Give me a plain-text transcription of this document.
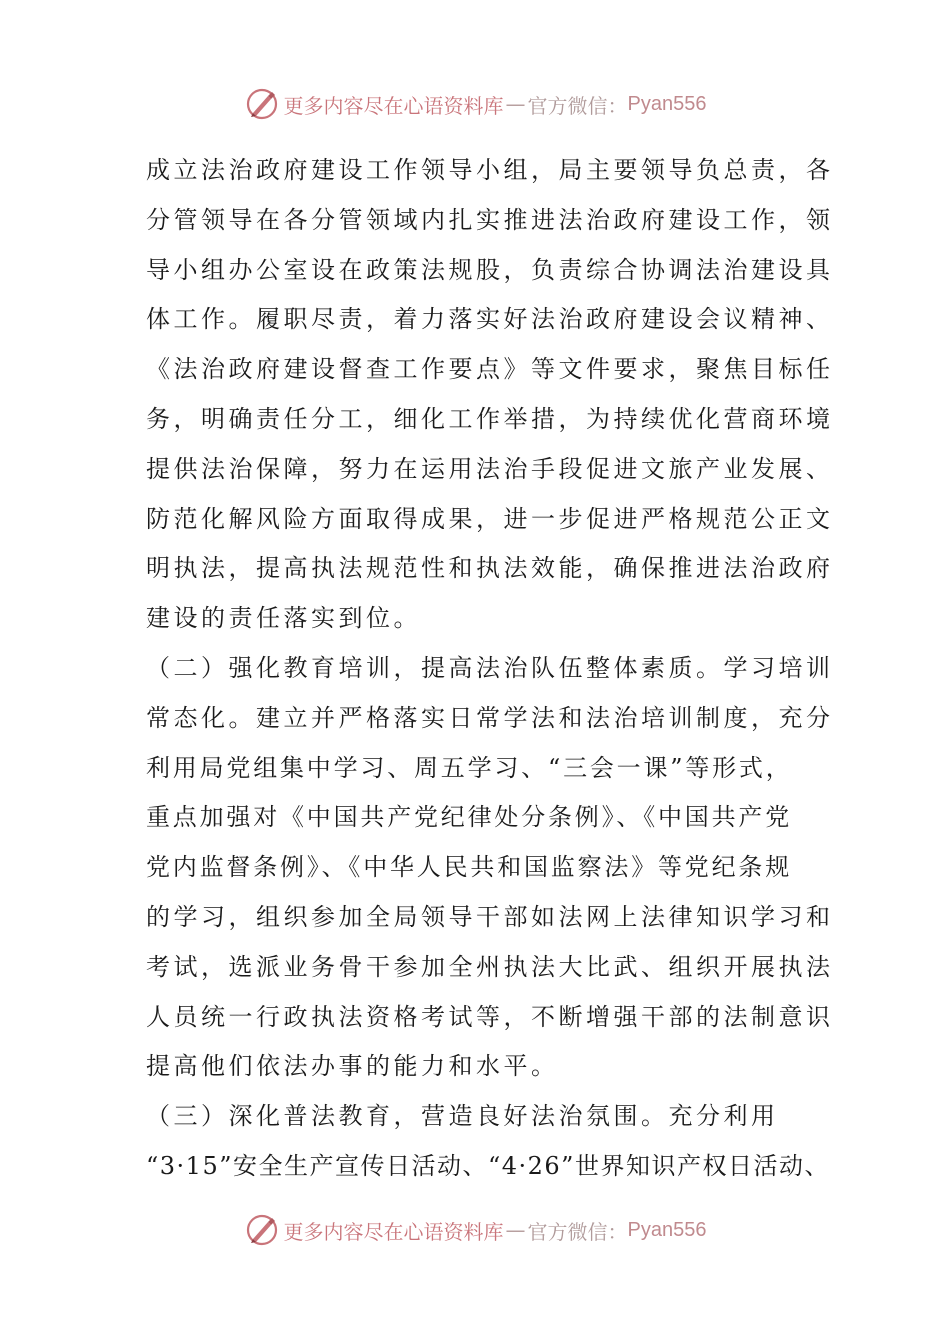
更多内容尽在心语资料库 — 官方微信： Pyan556
成立法治政府建设工作领导小组，局主要领导负总责，各
分管领导在各分管领域内扎实推进法治政府建设工作，领
导小组办公室设在政策法规股，负责综合协调法治建设具
体工作。履职尽责，着力落实好法治政府建设会议精神、
《法治政府建设督查工作要点》等文件要求，聚焦目标任
务，明确责任分工，细化工作举措，为持续优化营商环境
提供法治保障，努力在运用法治手段促进文旅产业发展、
防范化解风险方面取得成果，进一步促进严格规范公正文
明执法，提高执法规范性和执法效能，确保推进法治政府
建设的责任落实到位。
（二）强化教育培训，提高法治队伍整体素质。学习培训
常态化。建立并严格落实日常学法和法治培训制度，充分
利用局党组集中学习、周五学习、“三会一课”等形式，
重点加强对《中国共产党纪律处分条例》、《中国共产党
党内监督条例》、《中华人民共和国监察法》等党纪条规
的学习，组织参加全局领导干部如法网上法律知识学习和
考试，选派业务骨干参加全州执法大比武、组织开展执法
人员统一行政执法资格考试等，不断增强干部的法制意识
提高他们依法办事的能力和水平。
（三）深化普法教育，营造良好法治氛围。充分利用
“3·15”安全生产宣传日活动、“4·26”世界知识产权日活动、
更多内容尽在心语资料库 — 官方微信： Pyan556
